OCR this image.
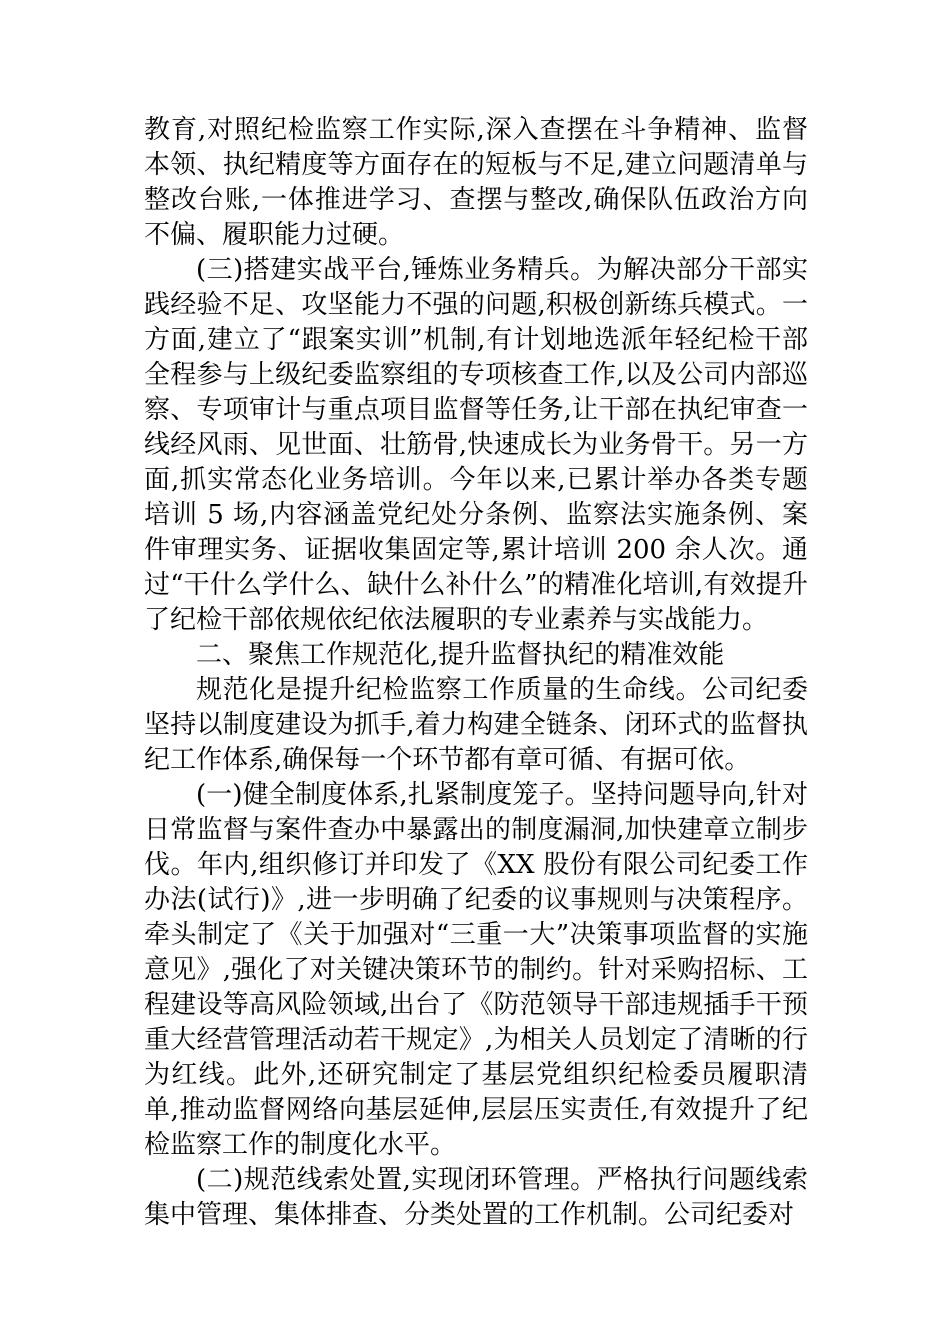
教育,对照纪检监察工作实际,深入查摆在斗争精神、监督本领、执纪精度等方面存在的短板与不足,建立问题清单与整改台账,一体推进学习、查摆与整改,确保队伍政治方向不偏、履职能力过硬。

(三)搭建实战平台,锤炼业务精兵。为解决部分干部实践经验不足、攻坚能力不强的问题,积极创新练兵模式。一方面,建立了“跟案实训”机制,有计划地选派年轻纪检干部全程参与上级纪委监察组的专项核查工作,以及公司内部巡察、专项审计与重点项目监督等任务,让干部在执纪审查一线经风雨、见世面、壮筋骨,快速成长为业务骨干。另一方面,抓实常态化业务培训。今年以来,已累计举办各类专题培训 5 场,内容涵盖党纪处分条例、监察法实施条例、案件审理实务、证据收集固定等,累计培训 200 余人次。通过“干什么学什么、缺什么补什么”的精准化培训,有效提升了纪检干部依规依纪依法履职的专业素养与实战能力。

二、聚焦工作规范化,提升监督执纪的精准效能

规范化是提升纪检监察工作质量的生命线。公司纪委坚持以制度建设为抓手,着力构建全链条、闭环式的监督执纪工作体系,确保每一个环节都有章可循、有据可依。

(一)健全制度体系,扎紧制度笼子。坚持问题导向,针对日常监督与案件查办中暴露出的制度漏洞,加快建章立制步伐。年内,组织修订并印发了《XX 股份有限公司纪委工作办法(试行)》,进一步明确了纪委的议事规则与决策程序。牵头制定了《关于加强对“三重一大”决策事项监督的实施意见》,强化了对关键决策环节的制约。针对采购招标、工程建设等高风险领域,出台了《防范领导干部违规插手干预重大经营管理活动若干规定》,为相关人员划定了清晰的行为红线。此外,还研究制定了基层党组织纪检委员履职清单,推动监督网络向基层延伸,层层压实责任,有效提升了纪检监察工作的制度化水平。

(二)规范线索处置,实现闭环管理。严格执行问题线索集中管理、集体排查、分类处置的工作机制。公司纪委对
